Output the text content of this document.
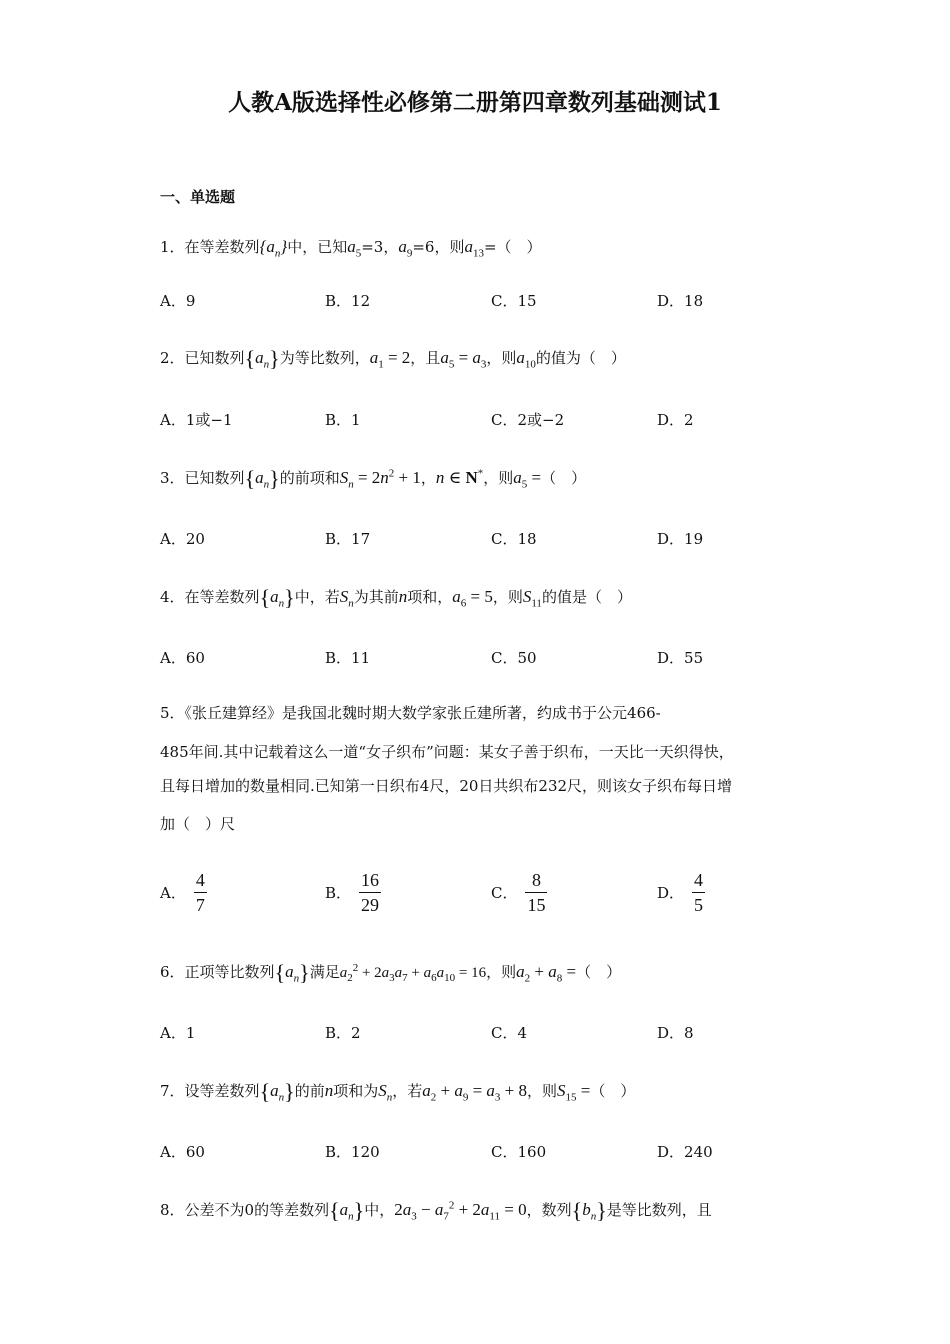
人教A版选择性必修第二册第四章数列基础测试1
一、单选题
1．在等差数列$\{a_n\}$中，已知$a_5=3$，$a_9=6$，则$a_{13}=$（　）
A．9	B．12	C．15	D．18
2．已知数列$\{a_n\}$为等比数列，$a_1 = 2$，且$a_5 = a_3$，则$a_{10}$的值为（　）
A．1或−1	B．1	C．2或−2	D．2
3．已知数列$\{a_n\}$的前项和$S_n = 2n^2 + 1$，n ∈ N*，则$a_5$ =（　）
A．20	B．17	C．18	D．19
4．在等差数列$\{a_n\}$中，若$S_n$为其前n项和，$a_6 = 5$，则$S_{11}$的值是（　）
A．60	B．11	C．50	D．55
5．《张丘建算经》是我国北魏时期大数学家张丘建所著，约成书于公元466-
485年间.其中记载着这么一道“女子织布”问题：某女子善于织布，一天比一天织得快，
且每日增加的数量相同.已知第一日织布4尺，20日共织布232尺，则该女子织布每日增
加（　）尺
A． $\frac{4}{7}$	B． $\frac{16}{29}$	C． $\frac{8}{15}$	D． $\frac{4}{5}$
6．正项等比数列$\{a_n\}$满足$a_2^2 + 2a_3a_7 + a_6a_{10} = 16$，则$a_2 + a_8$ =（　）
A．1	B．2	C．4	D．8
7．设等差数列$\{a_n\}$的前n项和为$S_n$，若$a_2 + a_9 = a_3 + 8$，则$S_{15}$ =（　）
A．60	B．120	C．160	D．240
8．公差不为0的等差数列$\{a_n\}$中，$2a_3 - a_7^2 + 2a_{11} = 0$，数列$\{b_n\}$是等比数列，且
